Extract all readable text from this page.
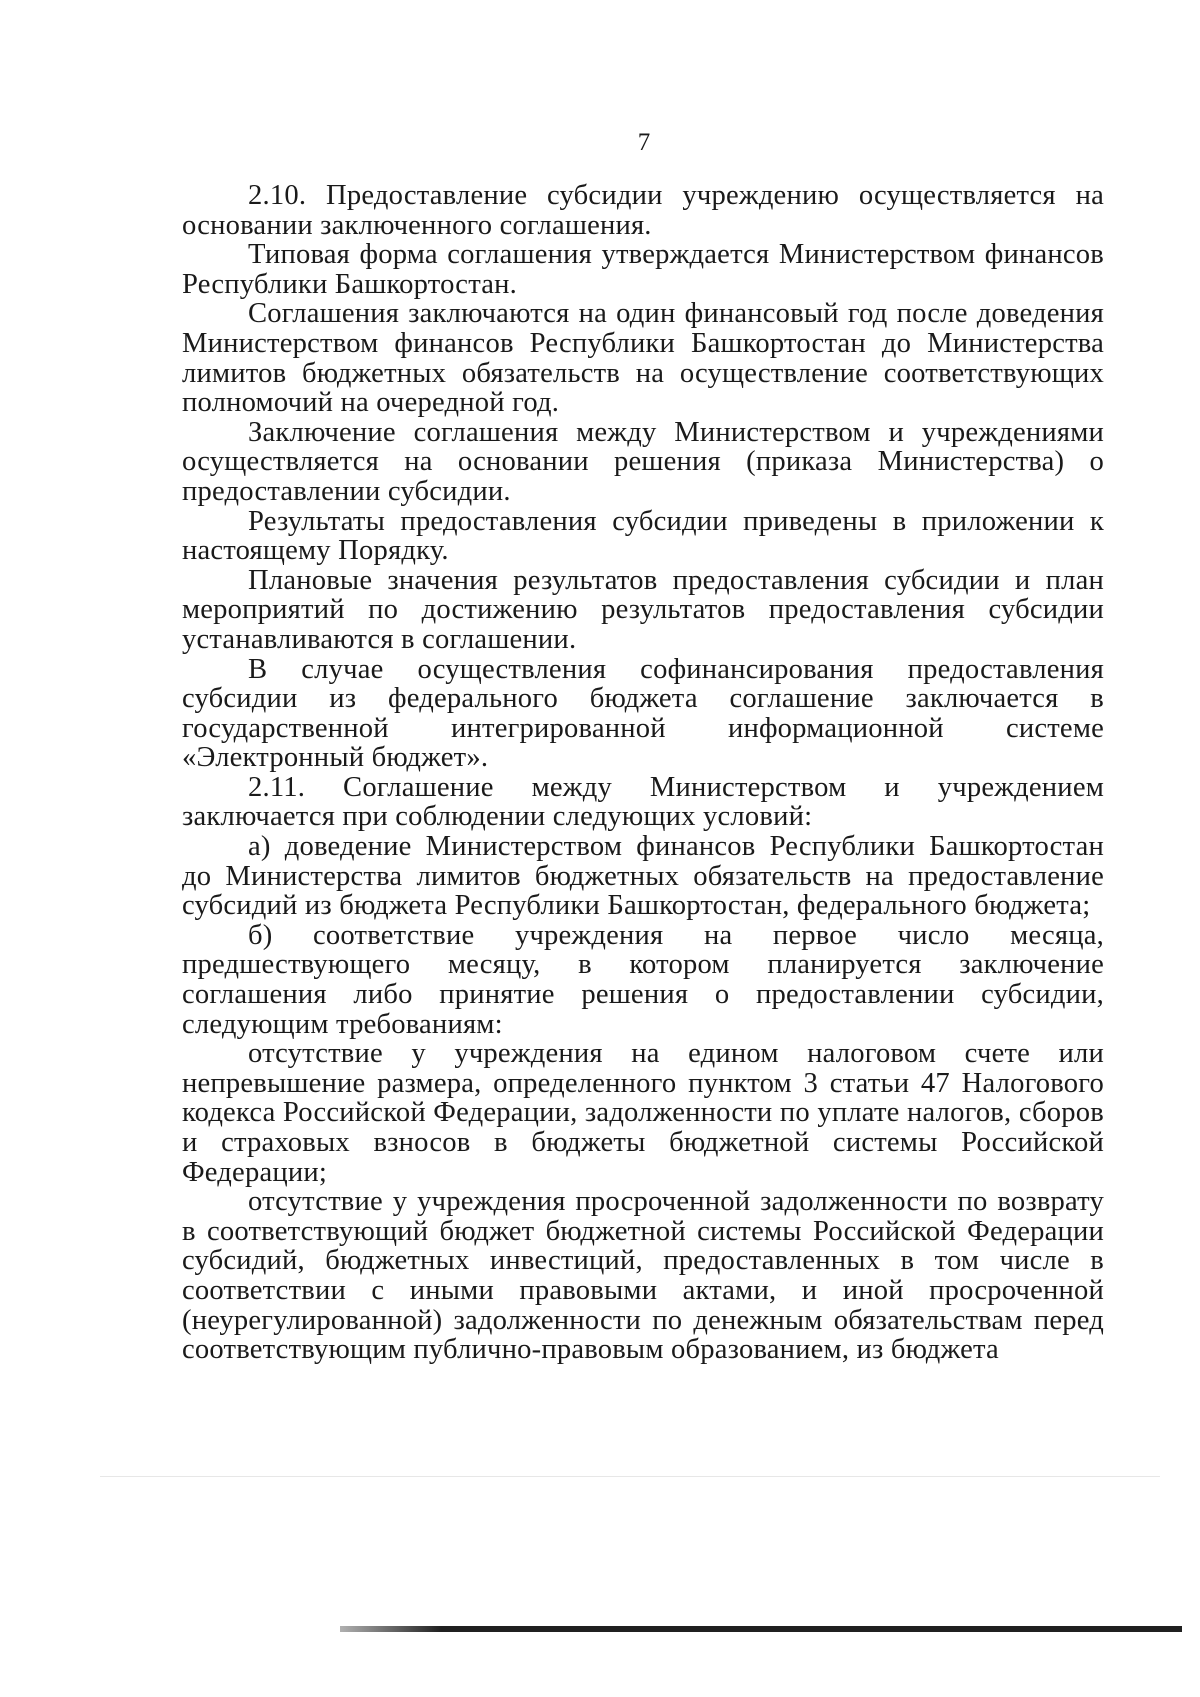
7

2.10. Предоставление субсидии учреждению осуществляется на основании заключенного соглашения.

Типовая форма соглашения утверждается Министерством финансов Республики Башкортостан.

Соглашения заключаются на один финансовый год после доведения Министерством финансов Республики Башкортостан до Министерства лимитов бюджетных обязательств на осуществление соответствующих полномочий на очередной год.

Заключение соглашения между Министерством и учреждениями осуществляется на основании решения (приказа Министерства) о предоставлении субсидии.

Результаты предоставления субсидии приведены в приложении к настоящему Порядку.

Плановые значения результатов предоставления субсидии и план мероприятий по достижению результатов предоставления субсидии устанавливаются в соглашении.

В случае осуществления софинансирования предоставления субсидии из федерального бюджета соглашение заключается в государственной интегрированной информационной системе «Электронный бюджет».

2.11. Соглашение между Министерством и учреждением заключается при соблюдении следующих условий:

а) доведение Министерством финансов Республики Башкортостан до Министерства лимитов бюджетных обязательств на предоставление субсидий из бюджета Республики Башкортостан, федерального бюджета;

б) соответствие учреждения на первое число месяца, предшествующего месяцу, в котором планируется заключение соглашения либо принятие решения о предоставлении субсидии, следующим требованиям:

отсутствие у учреждения на едином налоговом счете или непревышение размера, определенного пунктом 3 статьи 47 Налогового кодекса Российской Федерации, задолженности по уплате налогов, сборов и страховых взносов в бюджеты бюджетной системы Российской Федерации;

отсутствие у учреждения просроченной задолженности по возврату в соответствующий бюджет бюджетной системы Российской Федерации субсидий, бюджетных инвестиций, предоставленных в том числе в соответствии с иными правовыми актами, и иной просроченной (неурегулированной) задолженности по денежным обязательствам перед соответствующим публично-правовым образованием, из бюджета
